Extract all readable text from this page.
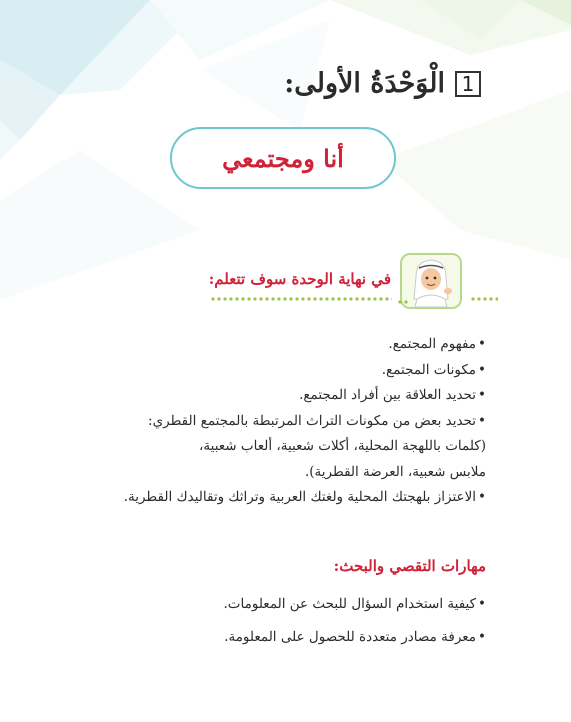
1
الْوَحْدَةُ الأولى:
أنا ومجتمعي
في نهاية الوحدة سوف تتعلم:
• مفهوم المجتمع.
• مكونات المجتمع.
• تحديد العلاقة بين أفراد المجتمع.
• تحديد بعض من مكونات التراث المرتبطة بالمجتمع القطري:
(كلمات باللهجة المحلية، أكلات شعبية، ألعاب شعبية،
ملابس شعبية، العرضة القطرية).
• الاعتزاز بلهجتك المحلية ولغتك العربية وتراثك وتقاليدك القطرية.
مهارات التقصي والبحث:
• كيفية استخدام السؤال للبحث عن المعلومات.
• معرفة مصادر متعددة للحصول على المعلومة.
